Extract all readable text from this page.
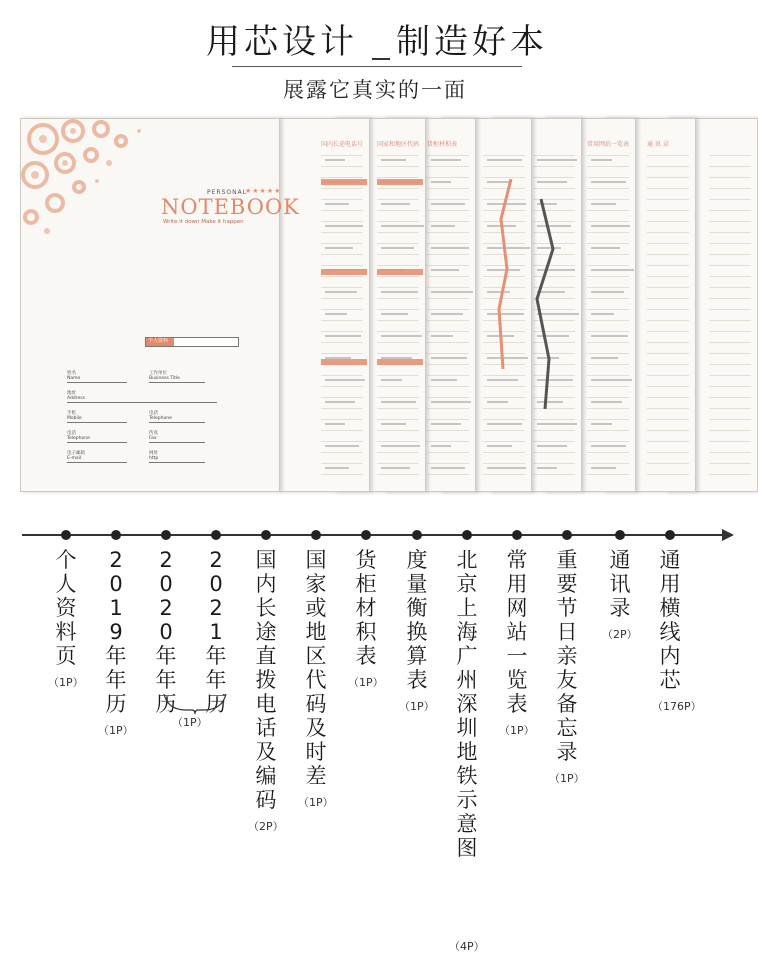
用芯设计 制造好本
展露它真实的一面
国内长途电话号 国家和地区代码 货柜材积表	常用网站一览表	通 讯 录
PERSONAL
★★★★★
NOTEBOOK
Write it down Make it happen
个人资料
姓名
Name
工作单位
Business Title
地址
Address
手机
Mobile
电话
Telephone
电话
Telephone
传真
Fax
电子邮箱
E-mail
网址
http
个人资料页
（1P）
2019年年历
（1P）
2020年年历
2021年年历
国内长途直拨电话及编码
（2P）
国家或地区代码及时差
（1P）
货柜材积表
（1P）
度量衡换算表
（1P）
北京 上海 广州 深圳地铁示意图
（4P）
常用网站一览表
（1P）
重要节日亲友备忘录
（1P）
通讯录
（2P）
通用横线内芯
（176P）
（1P）
